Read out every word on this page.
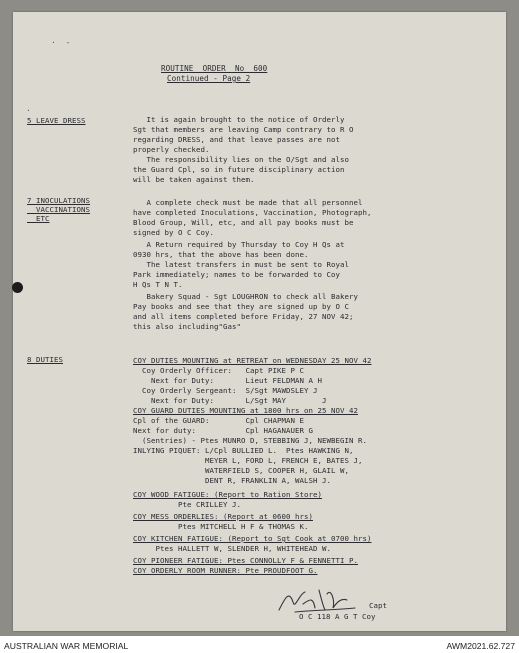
·  -
·

ROUTINE  ORDER  No  600

Continued - Page 2

5 LEAVE DRESS	It is again brought to the notice of Orderly

Sgt that members are leaving Camp contrary to R O

regarding DRESS, and that leave passes are not

properly checked.

The responsibility lies on the O/Sgt and also

the Guard Cpl, so in future disciplinary action

will be taken against them.

7 INOCULATIONS

VACCINATIONS

ETC

A complete check must be made that all personnel

have completed Inoculations, Vaccination, Photograph,

Blood Group, Will, etc, and all pay books must be

signed by O C Coy.

A Return required by Thursday to Coy H Qs at

0930 hrs, that the above has been done.

The latest transfers in must be sent to Royal

Park immediately; names to be forwarded to Coy

H Qs T N T.

Bakery Squad - Sgt LOUGHRON to check all Bakery

Pay books and see that they are signed up by O C

and all items completed before Friday, 27 NOV 42;

this also including"Gas"

8 DUTIES	COY DUTIES MOUNTING at RETREAT on WEDNESDAY 25 NOV 42

Coy Orderly Officer:   Capt PIKE P C

Next for Duty:       Lieut FELDMAN A H

Coy Orderly Sergeant:  S/Sgt MAWDSLEY J

Next for Duty:       L/Sgt MAY        J

COY GUARD DUTIES MOUNTING at 1800 hrs on 25 NOV 42

Cpl of the GUARD:        Cpl CHAPMAN E

Next for duty:           Cpl HAGANAUER G

(Sentries) - Ptes MUNRO D, STEBBING J, NEWBEGIN R.

INLYING PIQUET: L/Cpl BULLIED L.  Ptes HAWKING N,

MEYER L, FORD L, FRENCH E, BATES J,

WATERFIELD S, COOPER H, GLAIL W,

DENT R, FRANKLIN A, WALSH J.

COY WOOD FATIGUE: (Report to Ration Store)

Pte CRILLEY J.

COY MESS ORDERLIES: (Report at 0600 hrs)

Ptes MITCHELL H F & THOMAS K.

COY KITCHEN FATIGUE: (Report to Sgt Cook at 0700 hrs)

Ptes HALLETT W, SLENDER H, WHITEHEAD W.

COY PIONEER FATIGUE: Ptes CONNOLLY F & FENNETTI P.

COY ORDERLY ROOM RUNNER: Pte PROUDFOOT G.

Capt

O C 118 A G T Coy

AUSTRALIAN WAR MEMORIAL	AWM2021.62.727
